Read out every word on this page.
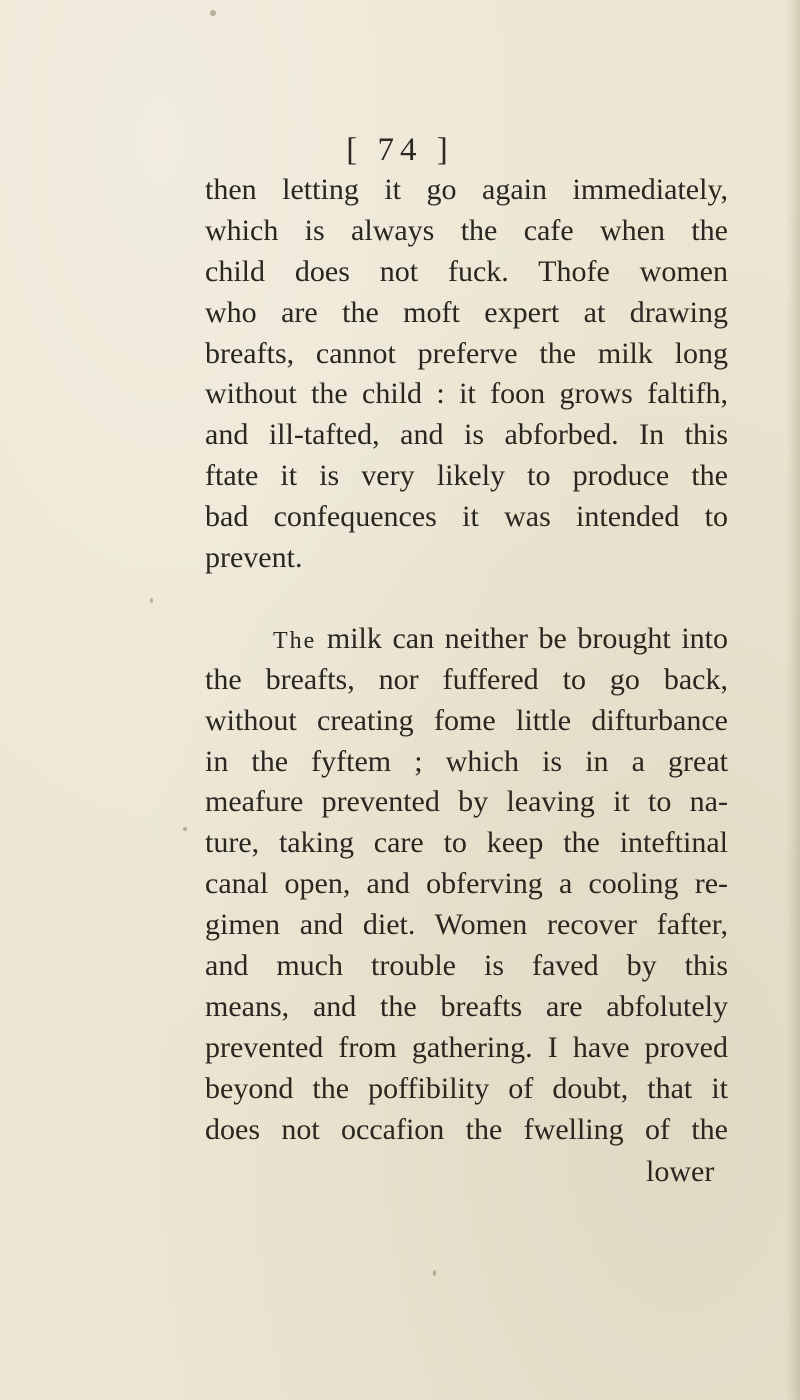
[ 74 ]
then letting it go again immediately,
which is always the cafe when the
child does not fuck. Thofe women
who are the moft expert at drawing
breafts, cannot preferve the milk long
without the child : it foon grows faltifh,
and ill-tafted, and is abforbed. In this
ftate it is very likely to produce the
bad confequences it was intended to
prevent.
The milk can neither be brought into
the breafts, nor fuffered to go back,
without creating fome little difturbance
in the fyftem ; which is in a great
meafure prevented by leaving it to na-
ture, taking care to keep the inteftinal
canal open, and obferving a cooling re-
gimen and diet. Women recover fafter,
and much trouble is faved by this
means, and the breafts are abfolutely
prevented from gathering. I have proved
beyond the poffibility of doubt, that it
does not occafion the fwelling of the
lower
